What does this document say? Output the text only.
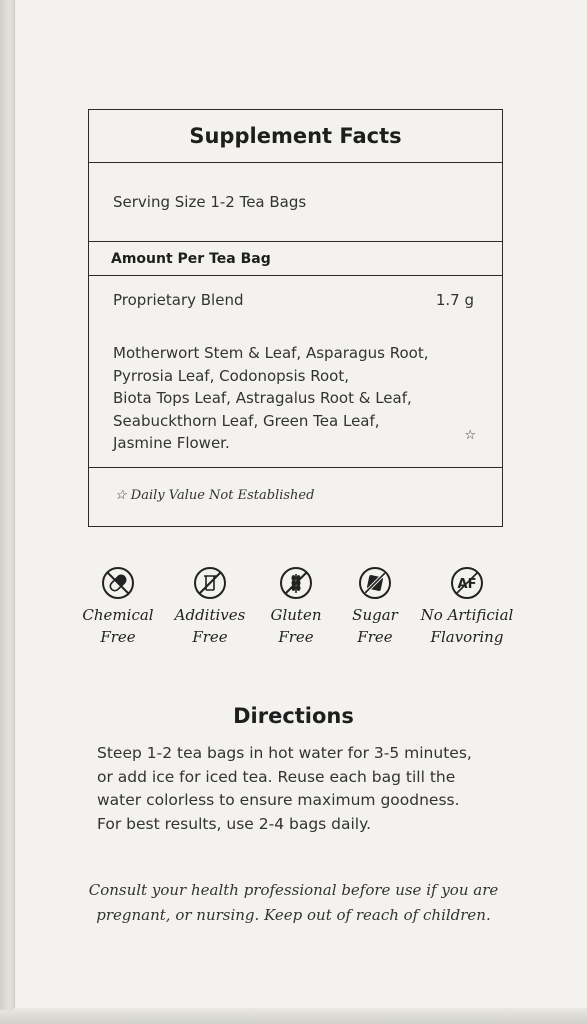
Supplement Facts
Serving Size 1-2 Tea Bags
Amount Per Tea Bag
Proprietary Blend	1.7 g
Motherwort Stem & Leaf, Asparagus Root,
Pyrrosia Leaf, Codonopsis Root,
Biota Tops Leaf, Astragalus Root & Leaf,
Seabuckthorn Leaf, Green Tea Leaf,
Jasmine Flower.	☆
☆ Daily Value Not Established
Chemical
Free
Additives
Free
Gluten
Free
Sugar
Free
AF
No Artificial
Flavoring
Directions
Steep 1-2 tea bags in hot water for 3-5 minutes,
or add ice for iced tea. Reuse each bag till the
water colorless to ensure maximum goodness.
For best results, use 2-4 bags daily.
Consult your health professional before use if you are
pregnant, or nursing. Keep out of reach of children.
